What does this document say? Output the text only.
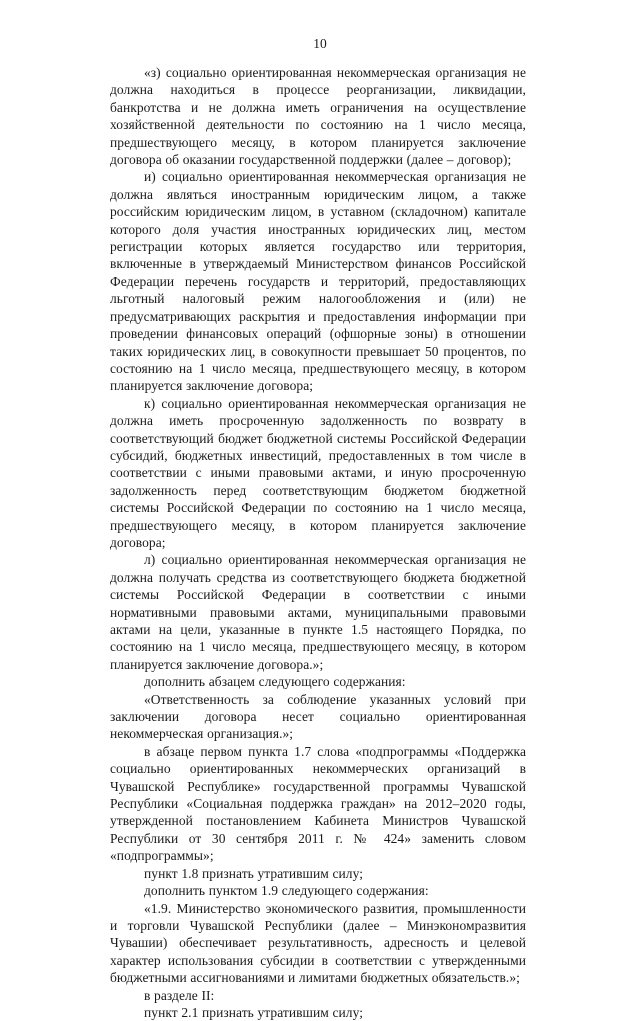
10

«з) социально ориентированная некоммерческая организация не должна находиться в процессе реорганизации, ликвидации, банкротства и не должна иметь ограничения на осуществление хозяйственной деятельности по состоянию на 1 число месяца, предшествующего месяцу, в котором планируется заключение договора об оказании государственной поддержки (далее – договор);

и) социально ориентированная некоммерческая организация не должна являться иностранным юридическим лицом, а также российским юридическим лицом, в уставном (складочном) капитале которого доля участия иностранных юридических лиц, местом регистрации которых является государство или территория, включенные в утверждаемый Министерством финансов Российской Федерации перечень государств и территорий, предоставляющих льготный налоговый режим налогообложения и (или) не предусматривающих раскрытия и предоставления информации при проведении финансовых операций (офшорные зоны) в отношении таких юридических лиц, в совокупности превышает 50 процентов, по состоянию на 1 число месяца, предшествующего месяцу, в котором планируется заключение договора;

к) социально ориентированная некоммерческая организация не должна иметь просроченную задолженность по возврату в соответствующий бюджет бюджетной системы Российской Федерации субсидий, бюджетных инвестиций, предоставленных в том числе в соответствии с иными правовыми актами, и иную просроченную задолженность перед соответствующим бюджетом бюджетной системы Российской Федерации по состоянию на 1 число месяца, предшествующего месяцу, в котором планируется заключение договора;

л) социально ориентированная некоммерческая организация не должна получать средства из соответствующего бюджета бюджетной системы Российской Федерации в соответствии с иными нормативными правовыми актами, муниципальными правовыми актами на цели, указанные в пункте 1.5 настоящего Порядка, по состоянию на 1 число месяца, предшествующего месяцу, в котором планируется заключение договора.»;

дополнить абзацем следующего содержания:

«Ответственность за соблюдение указанных условий при заключении договора несет социально ориентированная некоммерческая организация.»;

в абзаце первом пункта 1.7 слова «подпрограммы «Поддержка социально ориентированных некоммерческих организаций в Чувашской Республике» государственной программы Чувашской Республики «Социальная поддержка граждан» на 2012–2020 годы, утвержденной постановлением Кабинета Министров Чувашской Республики от 30 сентября 2011 г. № 424» заменить словом «подпрограммы»;

пункт 1.8 признать утратившим силу;

дополнить пунктом 1.9 следующего содержания:

«1.9. Министерство экономического развития, промышленности и торговли Чувашской Республики (далее – Минэкономразвития Чувашии) обеспечивает результативность, адресность и целевой характер использования субсидии в соответствии с утвержденными бюджетными ассигнованиями и лимитами бюджетных обязательств.»;

в разделе II:

пункт 2.1 признать утратившим силу;
